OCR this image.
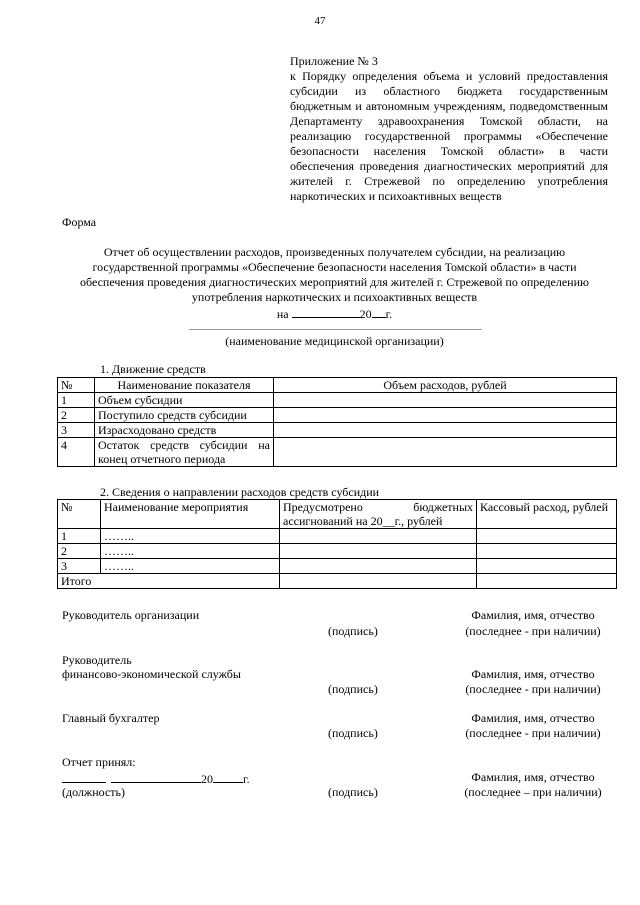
47
Приложение № 3
к Порядку определения объема и условий предоставления субсидии из областного бюджета государственным бюджетным и автономным учреждениям, подведомственным Департаменту здравоохранения Томской области, на реализацию государственной программы «Обеспечение безопасности населения Томской области» в части обеспечения проведения диагностических мероприятий для жителей г. Стрежевой по определению употребления наркотических и психоактивных веществ
Форма
Отчет об осуществлении расходов, произведенных получателем субсидии, на реализацию государственной программы «Обеспечение безопасности населения Томской области» в части обеспечения проведения диагностических мероприятий для жителей г. Стрежевой по определению употребления наркотических и психоактивных веществ
на	20 г.
(наименование медицинской организации)
1. Движение средств
№	Наименование показателя	Объем расходов, рублей
1	Объем субсидии	
2	Поступило средств субсидии	
3	Израсходовано средств	
4	Остаток средств субсидии на конец отчетного периода	
2. Сведения о направлении расходов средств субсидии
№	Наименование мероприятия	Предусмотрено бюджетных ассигнований на 20__г., рублей	Кассовый расход, рублей
1	……..		
2	……..		
3	……..		
Итого			
Руководитель организации
(подпись)
Фамилия, имя, отчество
(последнее - при наличии)
Руководитель
финансово-экономической службы
(подпись)
Фамилия, имя, отчество
(последнее - при наличии)
Главный бухгалтер
(подпись)
Фамилия, имя, отчество
(последнее - при наличии)
Отчет принял:
20	г.
(должность)	(подпись)
Фамилия, имя, отчество
(последнее – при наличии)
